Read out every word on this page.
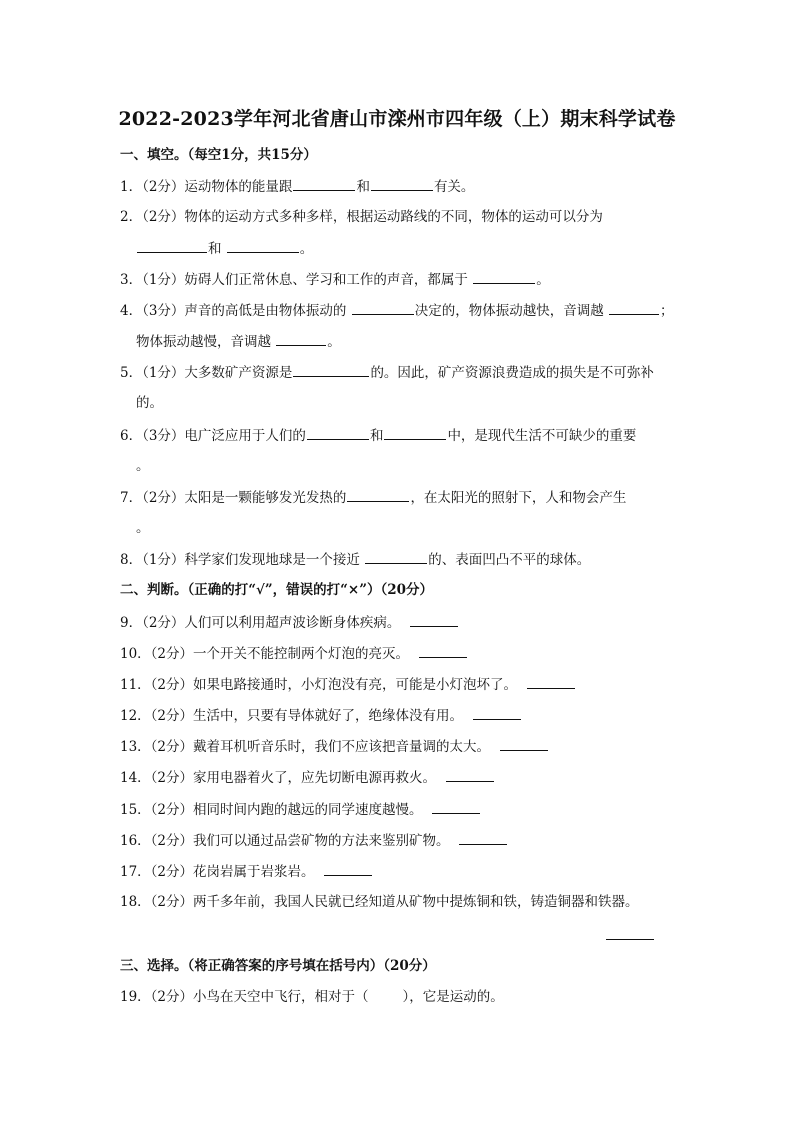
2022-2023学年河北省唐山市滦州市四年级（上）期末科学试卷
一、填空。（每空1分，共15分）
1．（2分）运动物体的能量跟	和	有关。
2．（2分）物体的运动方式多种多样，根据运动路线的不同，物体的运动可以分为
和	。
3．（1分）妨碍人们正常休息、学习和工作的声音，都属于	。
4．（3分）声音的高低是由物体振动的	决定的，物体振动越快，音调越	；
物体振动越慢，音调越	。
5．（1分）大多数矿产资源是	的。因此，矿产资源浪费造成的损失是不可弥补
的。
6．（3分）电广泛应用于人们的	和	中，是现代生活不可缺少的重要
。
7．（2分）太阳是一颗能够发光发热的	，在太阳光的照射下，人和物会产生
。
8．（1分）科学家们发现地球是一个接近	的、表面凹凸不平的球体。
二、判断。（正确的打“√”，错误的打“×”）（20分）
9．（2分）人们可以利用超声波诊断身体疾病。
10．（2分）一个开关不能控制两个灯泡的亮灭。
11．（2分）如果电路接通时，小灯泡没有亮，可能是小灯泡坏了。
12．（2分）生活中，只要有导体就好了，绝缘体没有用。
13．（2分）戴着耳机听音乐时，我们不应该把音量调的太大。
14．（2分）家用电器着火了，应先切断电源再救火。
15．（2分）相同时间内跑的越远的同学速度越慢。
16．（2分）我们可以通过品尝矿物的方法来鉴别矿物。
17．（2分）花岗岩属于岩浆岩。
18．（2分）两千多年前，我国人民就已经知道从矿物中提炼铜和铁，铸造铜器和铁器。
三、选择。（将正确答案的序号填在括号内）（20分）
19．（2分）小鸟在天空中飞行，相对于（	），它是运动的。
